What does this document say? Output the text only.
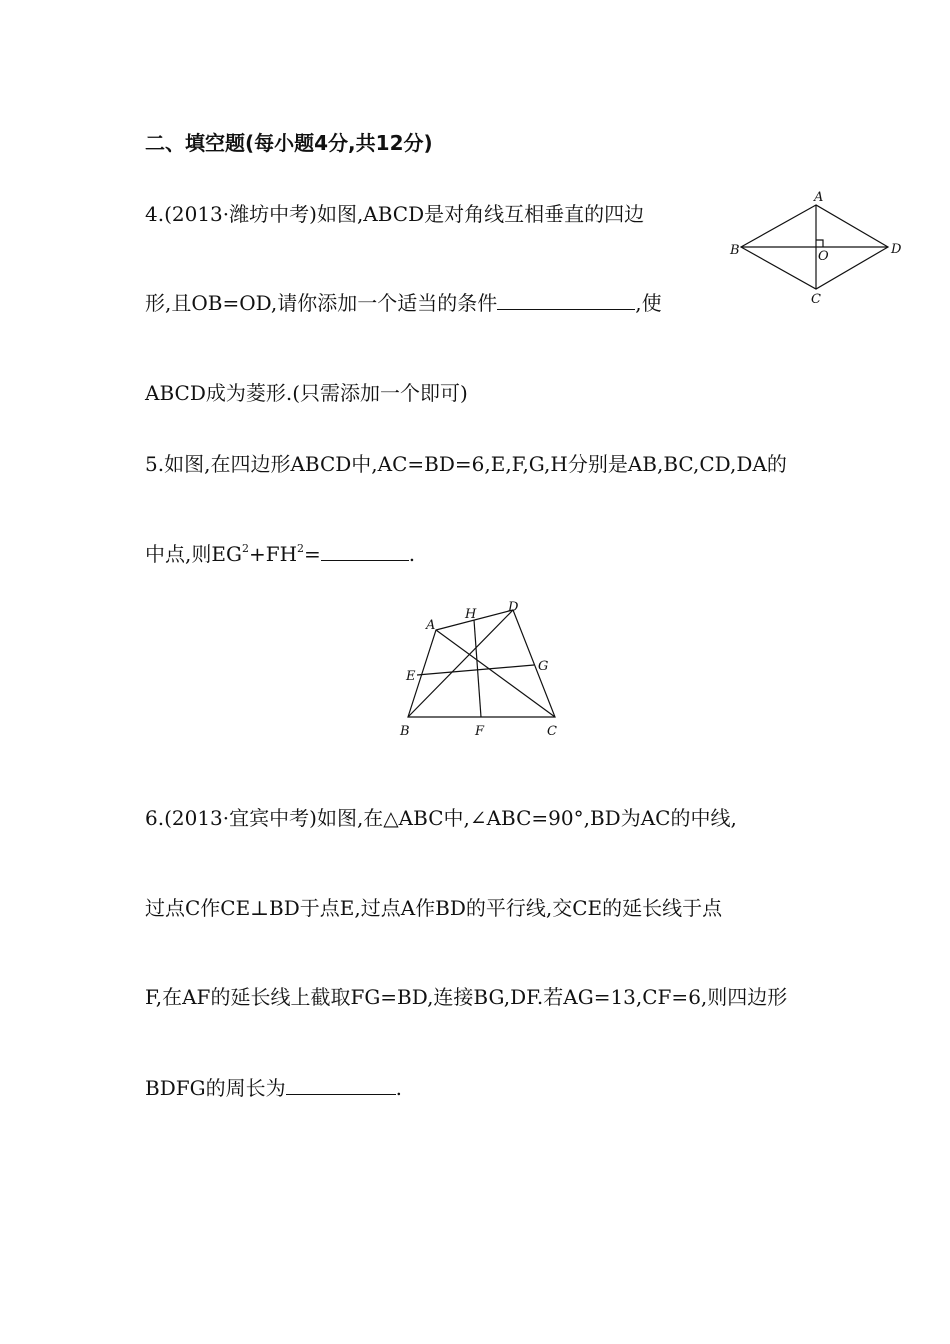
二、填空题(每小题4分,共12分)
4.(2013·潍坊中考)如图,ABCD是对角线互相垂直的四边
形,且OB=OD,请你添加一个适当的条件	,使
ABCD成为菱形.(只需添加一个即可)
A
B
C
D
O
5.如图,在四边形ABCD中,AC=BD=6,E,F,G,H分别是AB,BC,CD,DA的
中点,则$EG^2+FH^2=$	.
A
H D
G
E
B	F	C
6.(2013·宜宾中考)如图,在△ABC中,∠ABC=90°,BD为AC的中线,
过点C作CE⊥BD于点E,过点A作BD的平行线,交CE的延长线于点
F,在AF的延长线上截取FG=BD,连接BG,DF.若AG=13,CF=6,则四边形
BDFG的周长为	.
